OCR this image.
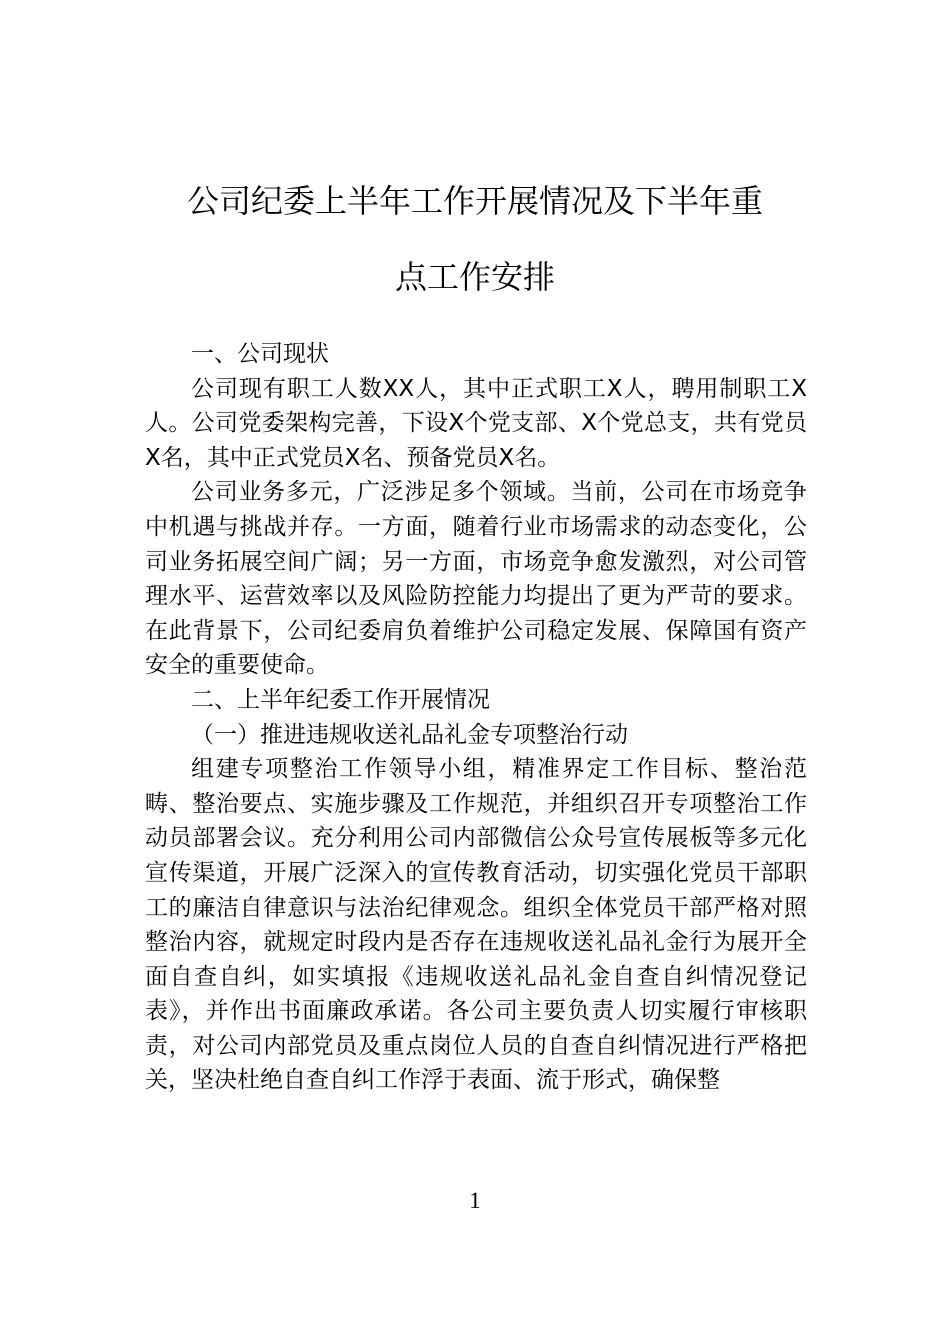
公司纪委上半年工作开展情况及下半年重
点工作安排

一、公司现状

公司现有职工人数XX人，其中正式职工X人，聘用制职工X人。公司党委架构完善，下设X个党支部、X个党总支，共有党员X名，其中正式党员X名、预备党员X名。

公司业务多元，广泛涉足多个领域。当前，公司在市场竞争中机遇与挑战并存。一方面，随着行业市场需求的动态变化，公司业务拓展空间广阔；另一方面，市场竞争愈发激烈，对公司管理水平、运营效率以及风险防控能力均提出了更为严苛的要求。在此背景下，公司纪委肩负着维护公司稳定发展、保障国有资产安全的重要使命。

二、上半年纪委工作开展情况

（一）推进违规收送礼品礼金专项整治行动

组建专项整治工作领导小组，精准界定工作目标、整治范畴、整治要点、实施步骤及工作规范，并组织召开专项整治工作动员部署会议。充分利用公司内部微信公众号宣传展板等多元化宣传渠道，开展广泛深入的宣传教育活动，切实强化党员干部职工的廉洁自律意识与法治纪律观念。组织全体党员干部严格对照整治内容，就规定时段内是否存在违规收送礼品礼金行为展开全面自查自纠，如实填报《违规收送礼品礼金自查自纠情况登记表》，并作出书面廉政承诺。各公司主要负责人切实履行审核职责，对公司内部党员及重点岗位人员的自查自纠情况进行严格把关，坚决杜绝自查自纠工作浮于表面、流于形式，确保整

1
